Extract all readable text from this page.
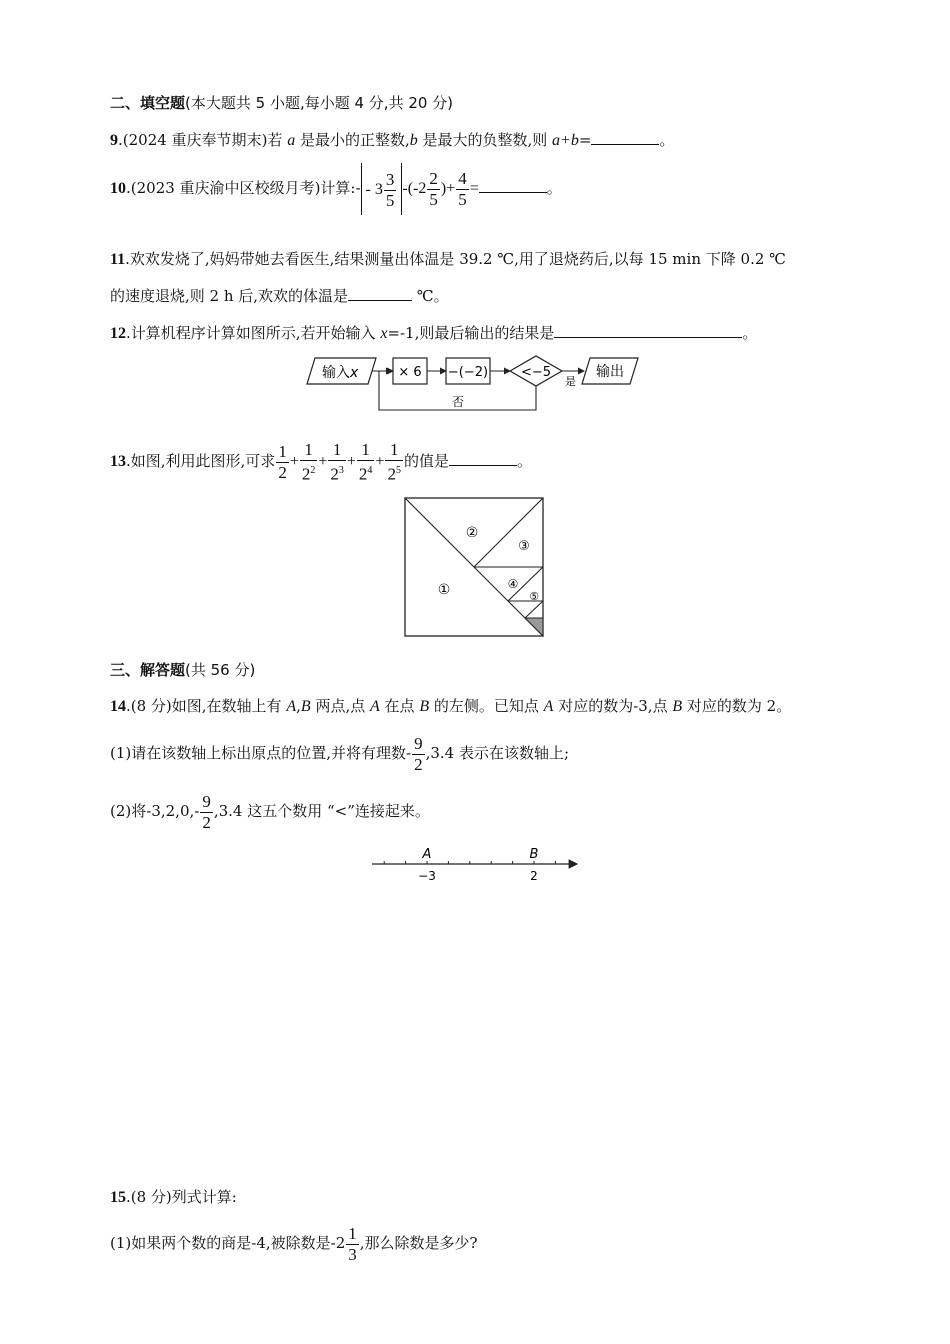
二、填空题(本大题共 5 小题,每小题 4 分,共 20 分)
9.(2024 重庆奉节期末)若 a 是最小的正整数,b 是最大的负整数,则 a+b=	。
10.(2023 重庆渝中区校级月考)计算:- - $3 \frac{3}{5} -(-2 \frac{2}{5}$ )+ $\frac{4}{5}$ =	。
11.欢欢发烧了,妈妈带她去看医生,结果测量出体温是 39.2 ℃,用了退烧药后,以每 15 min 下降 0.2 ℃
的速度退烧,则 2 h 后,欢欢的体温是	℃。
12.计算机程序计算如图所示,若开始输入 x=-1,则最后输出的结果是	。
输入 x	× 6 −(−2)	<−5
是
输出
否
13.如图,利用此图形,可求 $\frac{1}{2} + \frac{1}{2^2} + \frac{1}{2^3} + \frac{1}{2^4} + \frac{1}{2^5}$ 的值是	。
①
②
③
④
⑤
三、解答题(共 56 分)
14.(8 分)如图,在数轴上有 A,B 两点,点 A 在点 B 的左侧。已知点 A 对应的数为-3,点 B 对应的数为 2。
(1)请在该数轴上标出原点的位置,并将有理数- $\frac{9}{2} ,3.4$ 表示在该数轴上;
(2)将$-3,2,0,- \frac{9}{2} ,3.4$ 这五个数用 “<”连接起来。
A	B
−3	2
15.(8 分)列式计算:
(1)如果两个数的商是-4,被除数是$-2 \frac{1}{3}$ ,那么除数是多少?
